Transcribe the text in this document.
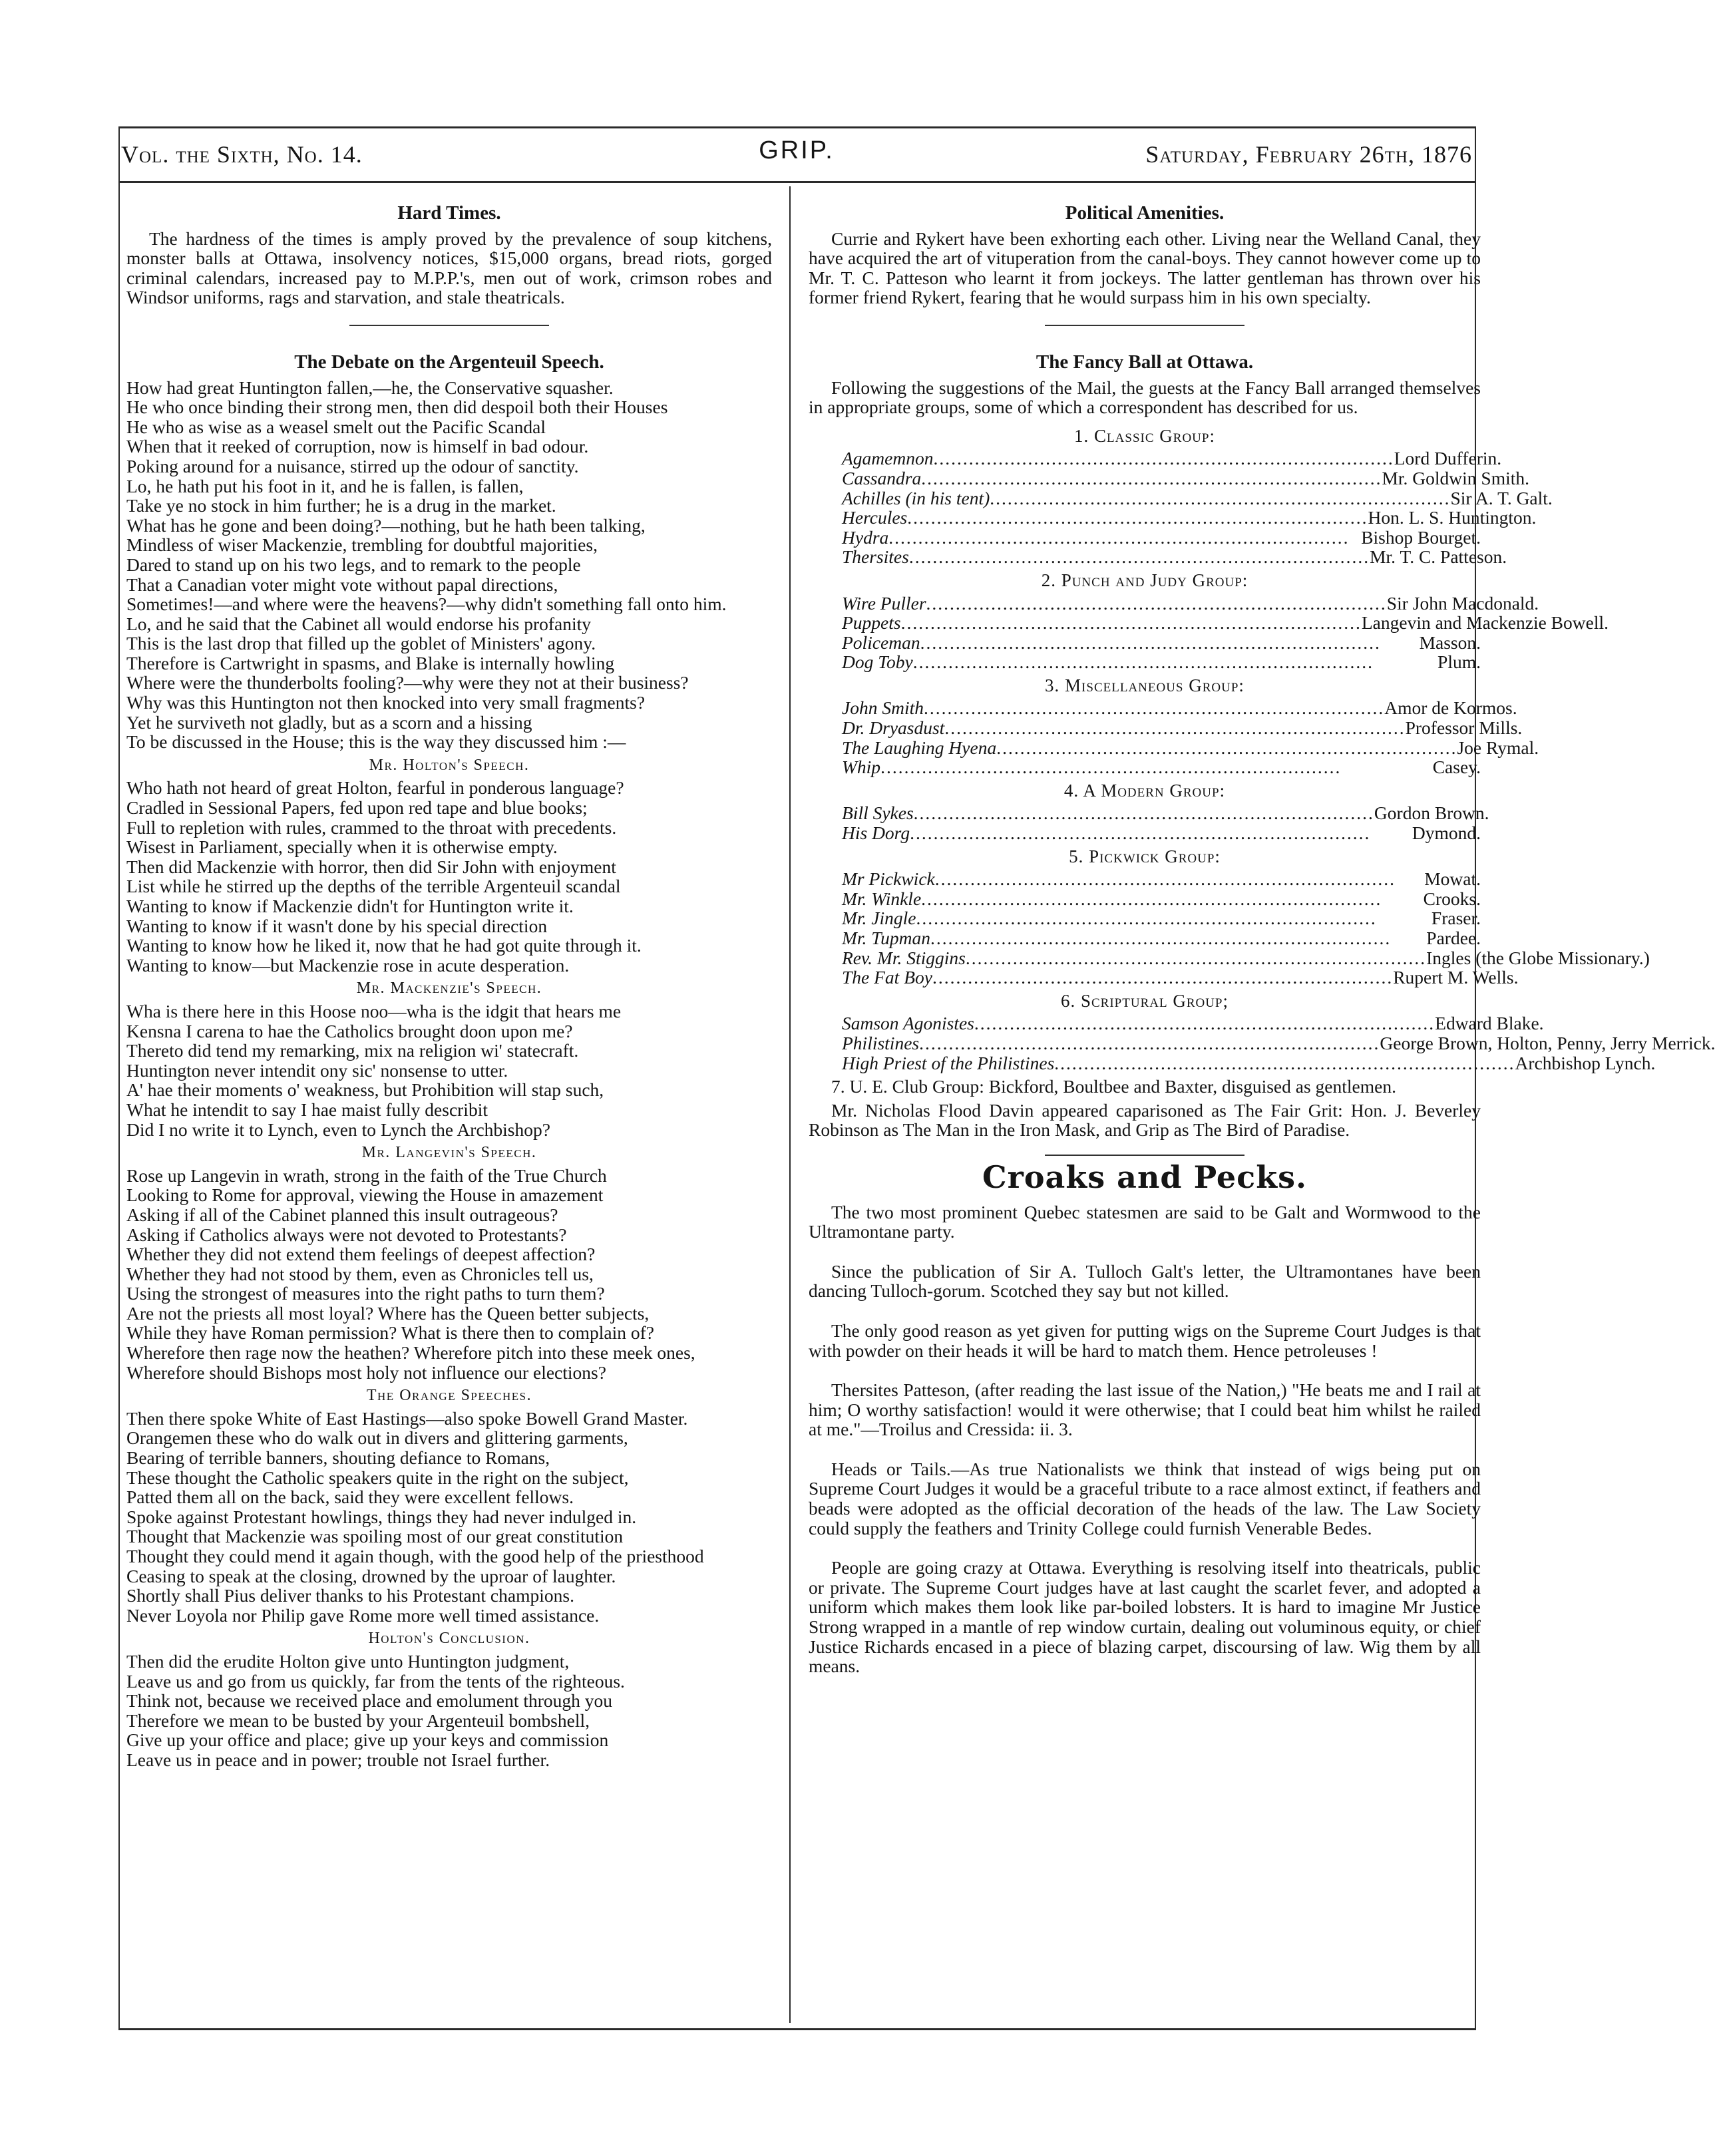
Vol. the Sixth, No. 14.	GRIP.	Saturday, February 26th, 1876
Hard Times.

The hardness of the times is amply proved by the prevalence of soup kitchens, monster balls at Ottawa, insolvency notices, $15,000 organs, bread riots, gorged criminal calendars, increased pay to M.P.P.'s, men out of work, crimson robes and Windsor uniforms, rags and starvation, and stale theatricals.

The Debate on the Argenteuil Speech.
How had great Huntington fallen,—he, the Conservative squasher.
He who once binding their strong men, then did despoil both their Houses
He who as wise as a weasel smelt out the Pacific Scandal
When that it reeked of corruption, now is himself in bad odour.
Poking around for a nuisance, stirred up the odour of sanctity.
Lo, he hath put his foot in it, and he is fallen, is fallen,
Take ye no stock in him further; he is a drug in the market.
What has he gone and been doing?—nothing, but he hath been talking,
Mindless of wiser Mackenzie, trembling for doubtful majorities,
Dared to stand up on his two legs, and to remark to the people
That a Canadian voter might vote without papal directions,
Sometimes!—and where were the heavens?—why didn't something fall onto him.
Lo, and he said that the Cabinet all would endorse his profanity
This is the last drop that filled up the goblet of Ministers' agony.
Therefore is Cartwright in spasms, and Blake is internally howling
Where were the thunderbolts fooling?—why were they not at their business?
Why was this Huntington not then knocked into very small fragments?
Yet he surviveth not gladly, but as a scorn and a hissing
To be discussed in the House; this is the way they discussed him :—
Mr. Holton's Speech.
Who hath not heard of great Holton, fearful in ponderous language?
Cradled in Sessional Papers, fed upon red tape and blue books;
Full to repletion with rules, crammed to the throat with precedents.
Wisest in Parliament, specially when it is otherwise empty.
Then did Mackenzie with horror, then did Sir John with enjoyment
List while he stirred up the depths of the terrible Argenteuil scandal
Wanting to know if Mackenzie didn't for Huntington write it.
Wanting to know if it wasn't done by his special direction
Wanting to know how he liked it, now that he had got quite through it.
Wanting to know—but Mackenzie rose in acute desperation.
Mr. Mackenzie's Speech.
Wha is there here in this Hoose noo—wha is the idgit that hears me
Kensna I carena to hae the Catholics brought doon upon me?
Thereto did tend my remarking, mix na religion wi' statecraft.
Huntington never intendit ony sic' nonsense to utter.
A' hae their moments o' weakness, but Prohibition will stap such,
What he intendit to say I hae maist fully describit
Did I no write it to Lynch, even to Lynch the Archbishop?
Mr. Langevin's Speech.
Rose up Langevin in wrath, strong in the faith of the True Church
Looking to Rome for approval, viewing the House in amazement
Asking if all of the Cabinet planned this insult outrageous?
Asking if Catholics always were not devoted to Protestants?
Whether they did not extend them feelings of deepest affection?
Whether they had not stood by them, even as Chronicles tell us,
Using the strongest of measures into the right paths to turn them?
Are not the priests all most loyal? Where has the Queen better subjects,
While they have Roman permission? What is there then to complain of?
Wherefore then rage now the heathen? Wherefore pitch into these meek ones,
Wherefore should Bishops most holy not influence our elections?
The Orange Speeches.
Then there spoke White of East Hastings—also spoke Bowell Grand Master.
Orangemen these who do walk out in divers and glittering garments,
Bearing of terrible banners, shouting defiance to Romans,
These thought the Catholic speakers quite in the right on the subject,
Patted them all on the back, said they were excellent fellows.
Spoke against Protestant howlings, things they had never indulged in.
Thought that Mackenzie was spoiling most of our great constitution
Thought they could mend it again though, with the good help of the priesthood
Ceasing to speak at the closing, drowned by the uproar of laughter.
Shortly shall Pius deliver thanks to his Protestant champions.
Never Loyola nor Philip gave Rome more well timed assistance.
Holton's Conclusion.
Then did the erudite Holton give unto Huntington judgment,
Leave us and go from us quickly, far from the tents of the righteous.
Think not, because we received place and emolument through you
Therefore we mean to be busted by your Argenteuil bombshell,
Give up your office and place; give up your keys and commission
Leave us in peace and in power; trouble not Israel further.
Political Amenities.

Currie and Rykert have been exhorting each other. Living near the Welland Canal, they have acquired the art of vituperation from the canal-boys. They cannot however come up to Mr. T. C. Patteson who learnt it from jockeys. The latter gentleman has thrown over his former friend Rykert, fearing that he would surpass him in his own specialty.

The Fancy Ball at Ottawa.

Following the suggestions of the Mail, the guests at the Fancy Ball arranged themselves in appropriate groups, some of which a correspondent has described for us.

1. Classic Group:
Agamemnon .............................................................................. Lord Dufferin.
Cassandra .............................................................................. Mr. Goldwin Smith.
Achilles (in his tent) .............................................................................. Sir A. T. Galt.
Hercules .............................................................................. Hon. L. S. Huntington.
Hydra .............................................................................. Bishop Bourget.
Thersites .............................................................................. Mr. T. C. Patteson.
2. Punch and Judy Group:
Wire Puller .............................................................................. Sir John Macdonald.
Puppets .............................................................................. Langevin and Mackenzie Bowell.
Policeman ..............................................................................	Masson.
Dog Toby ..............................................................................	Plum.
3. Miscellaneous Group:
John Smith .............................................................................. Amor de Kormos.
Dr. Dryasdust .............................................................................. Professor Mills.
The Laughing Hyena .............................................................................. Joe Rymal.
Whip ..............................................................................	Casey.
4. A Modern Group:
Bill Sykes .............................................................................. Gordon Brown.
His Dorg ..............................................................................	Dymond.
5. Pickwick Group:
Mr Pickwick ..............................................................................	Mowat.
Mr. Winkle ..............................................................................	Crooks.
Mr. Jingle ..............................................................................	Fraser.
Mr. Tupman ..............................................................................	Pardee.
Rev. Mr. Stiggins .............................................................................. Ingles (the Globe Missionary.)
The Fat Boy .............................................................................. Rupert M. Wells.
6. Scriptural Group;
Samson Agonistes .............................................................................. Edward Blake.
Philistines .............................................................................. George Brown, Holton, Penny, Jerry Merrick.
High Priest of the Philistines .............................................................................. Archbishop Lynch.

7. U. E. Club Group: Bickford, Boultbee and Baxter, disguised as gentlemen.

Mr. Nicholas Flood Davin appeared caparisoned as The Fair Grit: Hon. J. Beverley Robinson as The Man in the Iron Mask, and Grip as The Bird of Paradise.

Croaks and Pecks.

The two most prominent Quebec statesmen are said to be Galt and Wormwood to the Ultramontane party.

Since the publication of Sir A. Tulloch Galt's letter, the Ultramontanes have been dancing Tulloch-gorum. Scotched they say but not killed.

The only good reason as yet given for putting wigs on the Supreme Court Judges is that with powder on their heads it will be hard to match them. Hence petroleuses !

Thersites Patteson, (after reading the last issue of the Nation,) "He beats me and I rail at him; O worthy satisfaction! would it were otherwise; that I could beat him whilst he railed at me."—Troilus and Cressida: ii. 3.

Heads or Tails.—As true Nationalists we think that instead of wigs being put on Supreme Court Judges it would be a graceful tribute to a race almost extinct, if feathers and beads were adopted as the official decoration of the heads of the law. The Law Society could supply the feathers and Trinity College could furnish Venerable Bedes.

People are going crazy at Ottawa. Everything is resolving itself into theatricals, public or private. The Supreme Court judges have at last caught the scarlet fever, and adopted a uniform which makes them look like par-boiled lobsters. It is hard to imagine Mr Justice Strong wrapped in a mantle of rep window curtain, dealing out voluminous equity, or chief Justice Richards encased in a piece of blazing carpet, discoursing of law. Wig them by all means.
